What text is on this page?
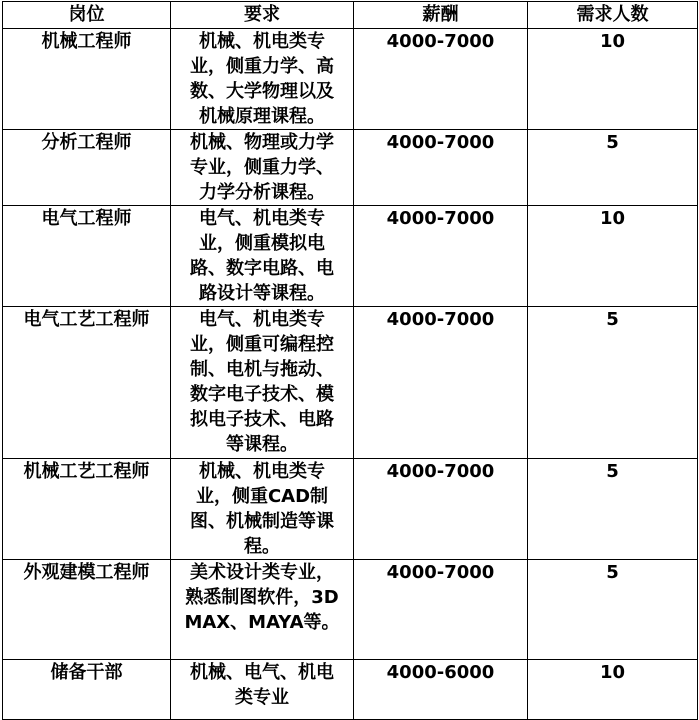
岗位	要求	薪酬	需求人数
机械工程师	机械、机电类专业，侧重力学、高数、大学物理以及机械原理课程。	4000-7000	10
分析工程师	机械、物理或力学专业，侧重力学、力学分析课程。	4000-7000	5
电气工程师	电气、机电类专业，侧重模拟电路、数字电路、电路设计等课程。	4000-7000	10
电气工艺工程师	电气、机电类专业，侧重可编程控制、电机与拖动、数字电子技术、模拟电子技术、电路等课程。	4000-7000	5
机械工艺工程师	机械、机电类专业，侧重CAD制图、机械制造等课程。	4000-7000	5
外观建模工程师	美术设计类专业，熟悉制图软件，3DMAX、MAYA等。	4000-7000	5
储备干部	机械、电气、机电类专业	4000-6000	10
